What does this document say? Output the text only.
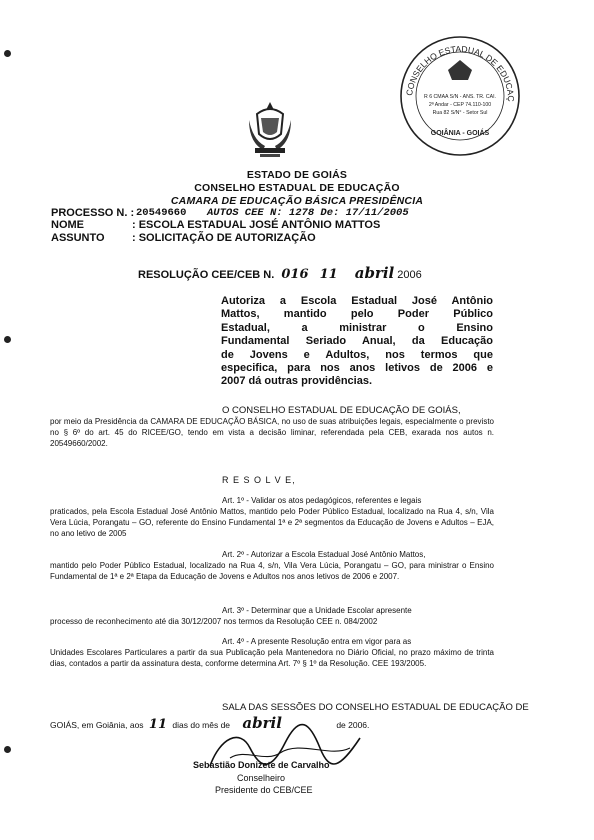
CONSELHO ESTADUAL DE EDUCAÇ
R 6 CMAA S/N - ANS. TR. CAI.
2ª Andar - CEP 74.110-100
Rua 82 S/N° - Setor Sul
GOIÂNIA - GOIÁS
ESTADO DE GOIÁS
CONSELHO ESTADUAL DE EDUCAÇÃO
CAMARA DE EDUCAÇÃO BÁSICA PRESIDÊNCIA
PROCESSO N. : 20549660 AUTOS CEE N: 1278 De: 17/11/2005
NOME	: ESCOLA ESTADUAL JOSÉ ANTÔNIO MATTOS
ASSUNTO : SOLICITAÇÃO DE AUTORIZAÇÃO
RESOLUÇÃO CEE/CEB N. 016 11 abril 2006
Autoriza a Escola Estadual José Antônio
Mattos, mantido pelo Poder Público
Estadual, a ministrar o Ensino
Fundamental Seriado Anual, da Educação
de Jovens e Adultos, nos termos que
especifica, para nos anos letivos de 2006 e
2007 dá outras providências.
O CONSELHO ESTADUAL DE EDUCAÇÃO DE GOIÁS,
por meio da Presidência da CAMARA DE EDUCAÇÃO BÁSICA, no uso de suas atribuições legais, especialmente o previsto no § 6º do art. 45 do RICEE/GO, tendo em vista a decisão liminar, referendada pela CEB, exarada nos autos n. 20549660/2002.
R E S O L V E,
Art. 1º - Validar os atos pedagógicos, referentes e legais
praticados, pela Escola Estadual José Antônio Mattos, mantido pelo Poder Público Estadual, localizado na Rua 4, s/n, Vila Vera Lúcia, Porangatu – GO, referente do Ensino Fundamental 1ª e 2ª segmentos da Educação de Jovens e Adultos – EJA, no ano letivo de 2005
Art. 2º - Autorizar a Escola Estadual José Antônio Mattos,
mantido pelo Poder Público Estadual, localizado na Rua 4, s/n, Vila Vera Lúcia, Porangatu – GO, para ministrar o Ensino Fundamental de 1ª e 2ª Etapa da Educação de Jovens e Adultos nos anos letivos de 2006 e 2007.
Art. 3º - Determinar que a Unidade Escolar apresente
processo de reconhecimento até dia 30/12/2007 nos termos da Resolução CEE n. 084/2002
Art. 4º - A presente Resolução entra em vigor para as
Unidades Escolares Particulares a partir da sua Publicação pela Mantenedora no Diário Oficial, no prazo máximo de trinta dias, contados a partir da assinatura desta, conforme determina Art. 7º § 1º da Resolução. CEE 193/2005.
SALA DAS SESSÕES DO CONSELHO ESTADUAL DE EDUCAÇÃO DE
GOIÁS, em Goiânia, aos 11 dias do mês de abril	de 2006.
Sebastião Donizete de Carvalho
Conselheiro
Presidente do CEB/CEE
